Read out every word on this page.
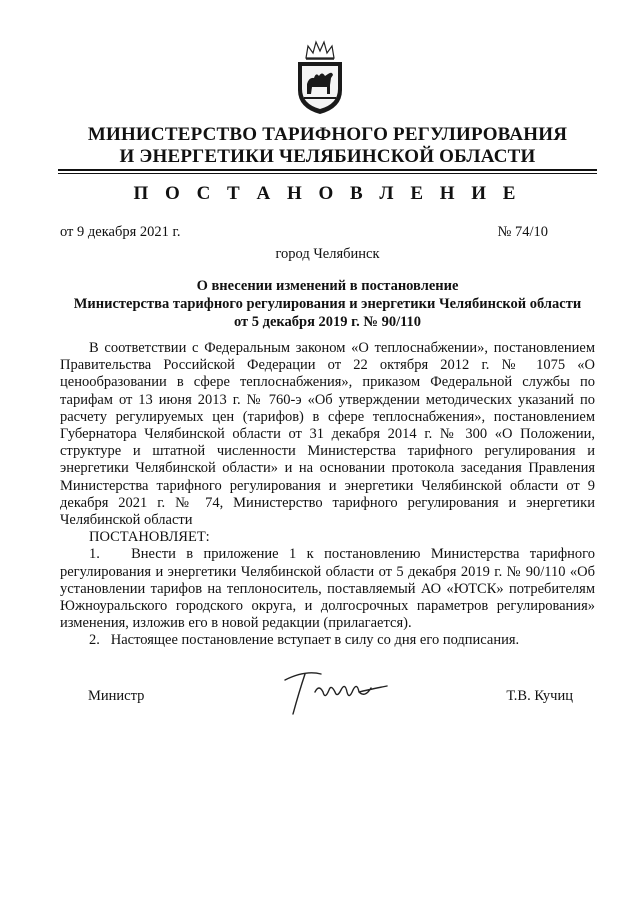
МИНИСТЕРСТВО ТАРИФНОГО РЕГУЛИРОВАНИЯ
И ЭНЕРГЕТИКИ ЧЕЛЯБИНСКОЙ ОБЛАСТИ
П О С Т А Н О В Л Е Н И Е
от 9 декабря 2021 г.	№ 74/10
город Челябинск
О внесении изменений в постановление
Министерства тарифного регулирования и энергетики Челябинской области
от 5 декабря 2019 г. № 90/110

В соответствии с Федеральным законом «О теплоснабжении», постановлением Правительства Российской Федерации от 22 октября 2012 г. № 1075 «О ценообразовании в сфере теплоснабжения», приказом Федеральной службы по тарифам от 13 июня 2013 г. № 760-э «Об утверждении методических указаний по расчету регулируемых цен (тарифов) в сфере теплоснабжения», постановлением Губернатора Челябинской области от 31 декабря 2014 г. № 300 «О Положении, структуре и штатной численности Министерства тарифного регулирования и энергетики Челябинской области» и на основании протокола заседания Правления Министерства тарифного регулирования и энергетики Челябинской области от 9 декабря 2021 г. № 74, Министерство тарифного регулирования и энергетики Челябинской области

ПОСТАНОВЛЯЕТ:

1.   Внести в приложение 1 к постановлению Министерства тарифного регулирования и энергетики Челябинской области от 5 декабря 2019 г. № 90/110 «Об установлении тарифов на теплоноситель, поставляемый АО «ЮТСК» потребителям Южноуральского городского округа, и долгосрочных параметров регулирования» изменения, изложив его в новой редакции (прилагается).

2.   Настоящее постановление вступает в силу со дня его подписания.

Министр	Т.В. Кучиц
